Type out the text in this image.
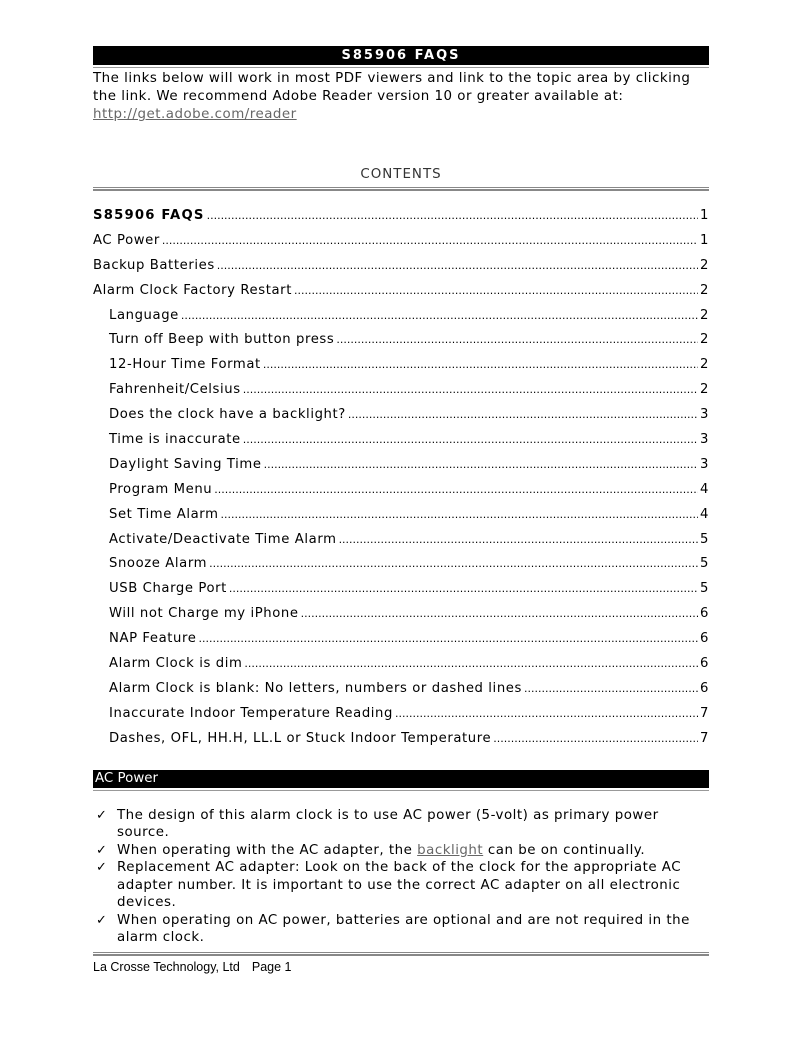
S85906 FAQS
The links below will work in most PDF viewers and link to the topic area by clicking the link. We recommend Adobe Reader version 10 or greater available at:
http://get.adobe.com/reader
CONTENTS
S85906 FAQS .....	1
AC Power .....	1
Backup Batteries .....	2
Alarm Clock Factory Restart .....	2
Language .....	2
Turn off Beep with button press .....	2
12-Hour Time Format .....	2
Fahrenheit/Celsius .....	2
Does the clock have a backlight? .....	3
Time is inaccurate .....	3
Daylight Saving Time .....	3
Program Menu .....	4
Set Time Alarm .....	4
Activate/Deactivate Time Alarm .....	5
Snooze Alarm .....	5
USB Charge Port .....	5
Will not Charge my iPhone .....	6
NAP Feature .....	6
Alarm Clock is dim .....	6
Alarm Clock is blank: No letters, numbers or dashed lines .....	6
Inaccurate Indoor Temperature Reading .....	7
Dashes, OFL, HH.H, LL.L or Stuck Indoor Temperature .....	7
AC Power
✓ The design of this alarm clock is to use AC power (5-volt) as primary power source.
✓ When operating with the AC adapter, the backlight can be on continually.
✓ Replacement AC adapter: Look on the back of the clock for the appropriate AC adapter number. It is important to use the correct AC adapter on all electronic devices.
✓ When operating on AC power, batteries are optional and are not required in the alarm clock.
La Crosse Technology, Ltd Page 1
